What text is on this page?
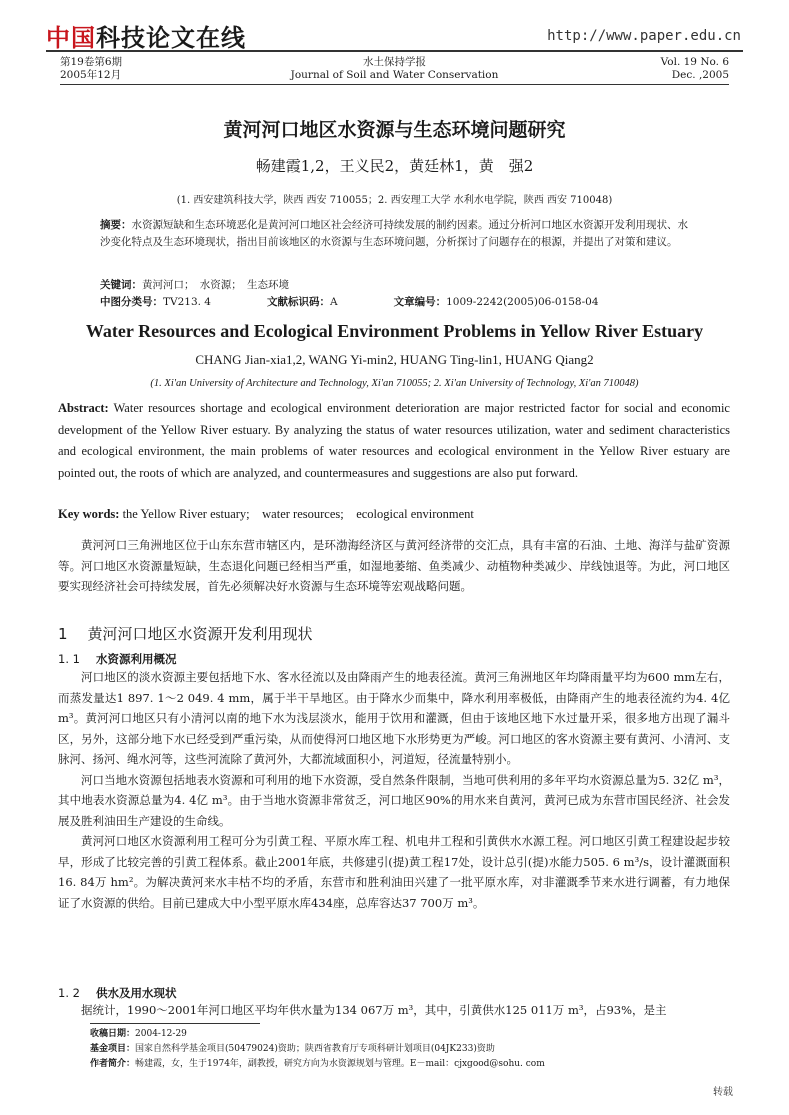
中国科技论文在线	http://www.paper.edu.cn
第19卷第6期
2005年12月
水土保持学报
Journal of Soil and Water Conservation
Vol. 19 No. 6
Dec. ,2005
黄河河口地区水资源与生态环境问题研究
畅建霞1,2，王义民2，黄廷林1，黄　强2
(1. 西安建筑科技大学，陕西 西安 710055；2. 西安理工大学 水利水电学院，陕西 西安 710048)
摘要：水资源短缺和生态环境恶化是黄河河口地区社会经济可持续发展的制约因素。通过分析河口地区水资源开发利用现状、水沙变化特点及生态环境现状，指出目前该地区的水资源与生态环境问题，分析探讨了问题存在的根源，并提出了对策和建议。
关键词：黄河河口；　水资源；　生态环境
中图分类号：TV213. 4	文献标识码：A	文章编号：1009-2242(2005)06-0158-04
Water Resources and Ecological Environment Problems in Yellow River Estuary
CHANG Jian-xia1,2, WANG Yi-min2, HUANG Ting-lin1, HUANG Qiang2
(1. Xi'an University of Architecture and Technology, Xi'an 710055; 2. Xi'an University of Technology, Xi'an 710048)
Abstract: Water resources shortage and ecological environment deterioration are major restricted factor for social and economic development of the Yellow River estuary. By analyzing the status of water resources utilization, water and sediment characteristics and ecological environment, the main problems of water resources and ecological environment in the Yellow River estuary are pointed out, the roots of which are analyzed, and countermeasures and suggestions are also put forward.
Key words: the Yellow River estuary;　water resources;　ecological environment

黄河河口三角洲地区位于山东东营市辖区内，是环渤海经济区与黄河经济带的交汇点，具有丰富的石油、土地、海洋与盐矿资源等。河口地区水资源量短缺，生态退化问题已经相当严重，如湿地萎缩、鱼类减少、动植物种类减少、岸线蚀退等。为此，河口地区要实现经济社会可持续发展，首先必须解决好水资源与生态环境等宏观战略问题。

1 黄河河口地区水资源开发利用现状
1. 1 水资源利用概况

河口地区的淡水资源主要包括地下水、客水径流以及由降雨产生的地表径流。黄河三角洲地区年均降雨量平均为600 mm左右，而蒸发量达1 897. 1～2 049. 4 mm，属于半干旱地区。由于降水少而集中，降水利用率极低，由降雨产生的地表径流约为4. 4亿 m³。黄河河口地区只有小清河以南的地下水为浅层淡水，能用于饮用和灌溉，但由于该地区地下水过量开采，很多地方出现了漏斗区，另外，这部分地下水已经受到严重污染，从而使得河口地区地下水形势更为严峻。河口地区的客水资源主要有黄河、小清河、支脉河、扬河、绳水河等，这些河流除了黄河外，大都流域面积小，河道短，径流量特别小。

河口当地水资源包括地表水资源和可利用的地下水资源，受自然条件限制，当地可供利用的多年平均水资源总量为5. 32亿 m³，其中地表水资源总量为4. 4亿 m³。由于当地水资源非常贫乏，河口地区90%的用水来自黄河，黄河已成为东营市国民经济、社会发展及胜利油田生产建设的生命线。

黄河河口地区水资源利用工程可分为引黄工程、平原水库工程、机电井工程和引黄供水水源工程。河口地区引黄工程建设起步较早，形成了比较完善的引黄工程体系。截止2001年底，共修建引(提)黄工程17处，设计总引(提)水能力505. 6 m³/s，设计灌溉面积16. 84万 hm²。为解决黄河来水丰枯不均的矛盾，东营市和胜利油田兴建了一批平原水库，对非灌溉季节来水进行调蓄，有力地保证了水资源的供给。目前已建成大中小型平原水库434座，总库容达37 700万 m³。

1. 2 供水及用水现状

据统计，1990～2001年河口地区平均年供水量为134 067万 m³，其中，引黄供水125 011万 m³，占93%，是主

收稿日期：2004-12-29
基金项目：国家自然科学基金项目(50479024)资助；陕西省教育厅专项科研计划项目(04JK233)资助
作者简介：畅建霞，女，生于1974年，副教授，研究方向为水资源规划与管理。E－mail：cjxgood@sohu. com
转载
